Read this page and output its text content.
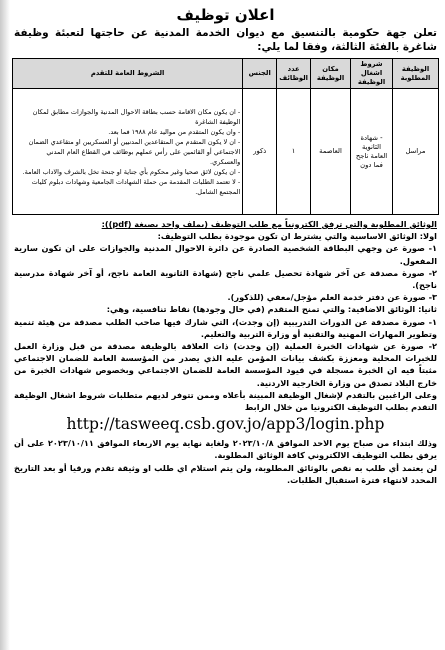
اعلان توظيف
تعلن جهة حكومية بالتنسيق مع ديوان الخدمة المدنية عن حاجتها لتعبئة وظيفة شاغرة بالفئة الثالثة، وفقا لما يلي:
الوظيفة المطلوبة	شروط اشغال الوظيفة	مكان الوظيفة	عدد الوظائف	الجنس	الشروط العامة للتقدم
مراسل	- شهادة الثانوية العامة ناجح فما دون	العاصمة	١	ذكور	- ان يكون مكان الاقامة حسب بطاقة الاحوال المدنية والجوازات مطابق لمكان الوظيفة الشاغرة
- وان يكون المتقدم من مواليد عام ١٩٨٨ فما بعد.
- ان لا يكون المتقدم من المتقاعدين المدنيين أو العسكريين او متقاعدي الضمان الاجتماعي أو القائمين على رأس عملهم بوظائف في القطاع العام المدني والعسكري.
- ان يكون لائق صحيا وغير محكوم بأي جناية او جنحة تخل بالشرف والاداب العامة.
- لا تعتمد الطلبات المقدمة من حملة الشهادات الجامعية وشهادات دبلوم كليات المجتمع الشامل.
الوثائق المطلوبة والتي ترفق الكترونياً مع طلب التوظيف (بملف واحد بصيغة (pdf)):
اولا: الوثائق الاساسية والتي يشترط ان تكون موجودة بطلب التوظيف:
١- صورة عن وجهي البطاقة الشخصية الصادرة عن دائرة الاحوال المدنية والجوازات على ان تكون سارية المفعول.
٢- صورة مصدقة عن آخر شهادة تحصيل علمي ناجح (شهادة الثانوية العامة ناجح، أو آخر شهادة مدرسية ناجح).
٣- صورة عن دفتر خدمة العلم مؤجل/معفي (للذكور).
ثانيا: الوثائق الاضافية: والتي تمنح المتقدم (في حال وجودها) نقاط تنافسية، وهي:
١- صورة مصدقة عن الدورات التدريبية (إن وجدت)، التي شارك فيها صاحب الطلب مصدقة من هيئة تنمية وتطوير المهارات المهنية والتقنية أو وزارة التربية والتعليم.
٢- صورة عن شهادات الخبرة العملية (إن وجدت) ذات العلاقة بالوظيفة مصدقة من قبل وزارة العمل للخبرات المحلية ومعززة بكشف بيانات المؤمن عليه الذي يصدر من المؤسسة العامة للضمان الاجتماعي مثبتاً فيه ان الخبرة مسجلة في قيود المؤسسة العامة للضمان الاجتماعي وبخصوص شهادات الخبرة من خارج البلاد تصدق من وزارة الخارجية الاردنية.
وعلى الراغبين بالتقدم لإشغال الوظيفة المبينة بأعلاه وممن تتوفر لديهم متطلبات شروط اشغال الوظيفة التقدم بطلب التوظيف الكترونيا من خلال الرابط
http://tasweeq.csb.gov.jo/app3/login.php
وذلك ابتداء من صباح يوم الاحد الموافق ٢٠٢٣/١٠/٨ ولغاية نهاية يوم الاربعاء الموافق ٢٠٢٣/١٠/١١ على أن يرفق بطلب التوظيف الالكتروني كافة الوثائق المطلوبة.
لن يعتمد أي طلب به نقص بالوثائق المطلوبة، ولن يتم استلام اي طلب او وثيقة تقدم ورقيا أو بعد التاريخ المحدد لانتهاء فترة استقبال الطلبات.
